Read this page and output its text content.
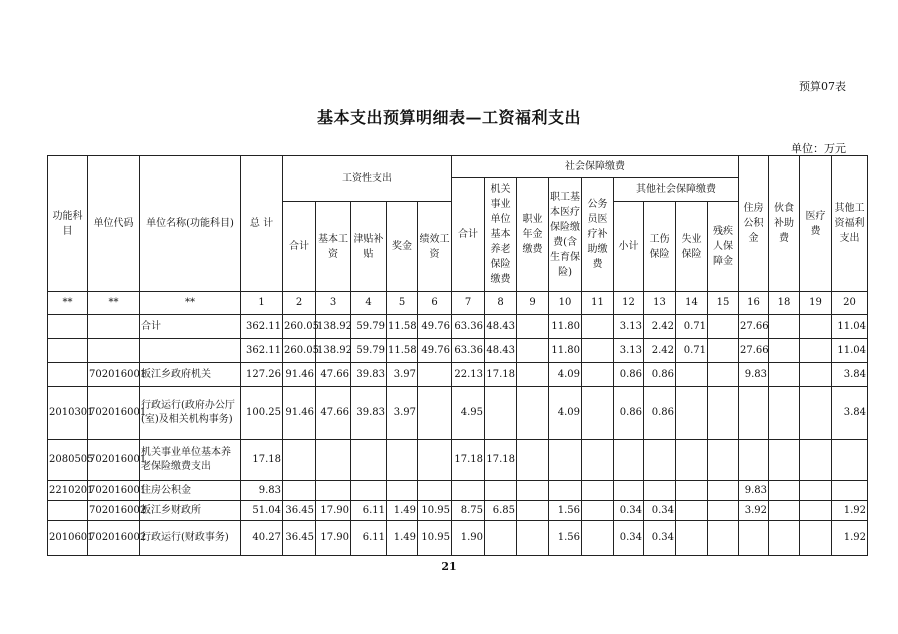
预算07表
基本支出预算明细表—工资福利支出
单位：万元
功能科目	单位代码	单位名称(功能科目)	总 计	工资性支出					社会保障缴费									住房公积金	伙食补助费	医疗费	其他工资福利支出
									合计	机关事业单位基本养老保险缴费	职业年金缴费	职工基本医疗保险缴费(含生育保险)	公务员医疗补助缴费	其他社会保障缴费							
				合计	基本工资	津贴补贴	奖金	绩效工资						小计	工伤保险	失业保险	残疾人保障金				
**	**	**	1	2	3	4	5	6	7	8	9	10	11	12	13	14	15	16	18	19	20
		合计	362.11	260.05	138.92	59.79	11.58	49.76	63.36	48.43		11.80		3.13	2.42	0.71		27.66			11.04
			362.11	260.05	138.92	59.79	11.58	49.76	63.36	48.43		11.80		3.13	2.42	0.71		27.66			11.04
	702016001	板江乡政府机关	127.26	91.46	47.66	39.83	3.97		22.13	17.18		4.09		0.86	0.86			9.83			3.84
2010301	702016001	行政运行(政府办公厅(室)及相关机构事务)	100.25	91.46	47.66	39.83	3.97		4.95			4.09		0.86	0.86						3.84
2080505	702016001	机关事业单位基本养老保险缴费支出	17.18						17.18	17.18											
2210201	702016001	住房公积金	9.83															9.83			
	702016002	板江乡财政所	51.04	36.45	17.90	6.11	1.49	10.95	8.75	6.85		1.56		0.34	0.34			3.92			1.92
2010601	702016002	行政运行(财政事务)	40.27	36.45	17.90	6.11	1.49	10.95	1.90			1.56		0.34	0.34						1.92
21
